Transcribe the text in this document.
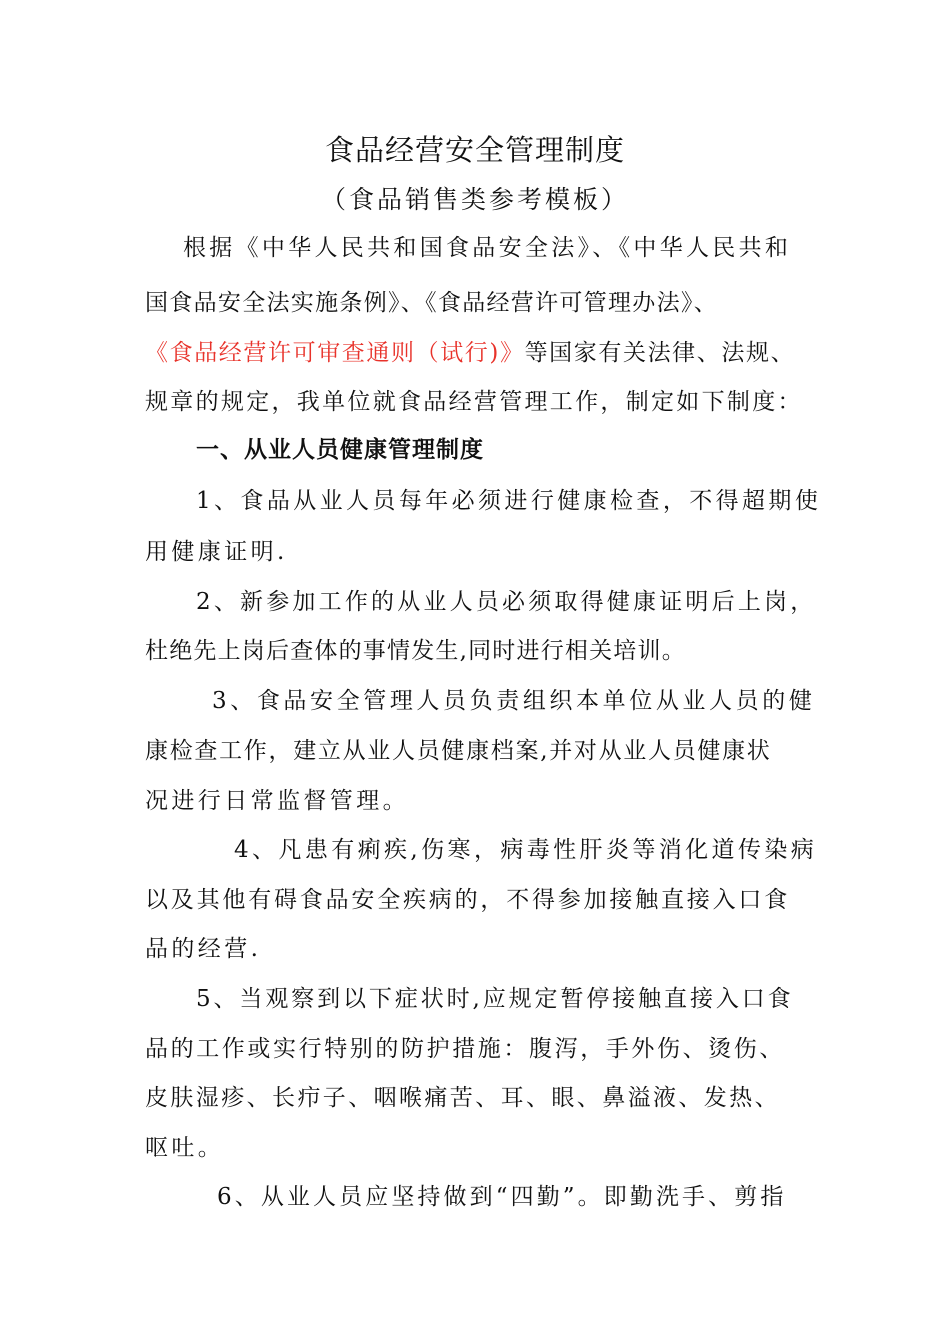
食品经营安全管理制度
（食品销售类参考模板）
根据《中华人民共和国食品安全法》、《中华人民共和
国食品安全法实施条例》、《食品经营许可管理办法》、
《食品经营许可审查通则（试行)》等国家有关法律、法规、
规章的规定，我单位就食品经营管理工作，制定如下制度：
一、从业人员健康管理制度
1、食品从业人员每年必须进行健康检查，不得超期使
用健康证明.
2、新参加工作的从业人员必须取得健康证明后上岗，
杜绝先上岗后查体的事情发生,同时进行相关培训。
3、食品安全管理人员负责组织本单位从业人员的健
康检查工作，建立从业人员健康档案,并对从业人员健康状
况进行日常监督管理。
4、凡患有痢疾,伤寒，病毒性肝炎等消化道传染病
以及其他有碍食品安全疾病的，不得参加接触直接入口食
品的经营.
5、当观察到以下症状时,应规定暂停接触直接入口食
品的工作或实行特别的防护措施：腹泻，手外伤、烫伤、
皮肤湿疹、长疖子、咽喉痛苦、耳、眼、鼻溢液、发热、
呕吐。
6、从业人员应坚持做到“四勤”。即勤洗手、剪指
